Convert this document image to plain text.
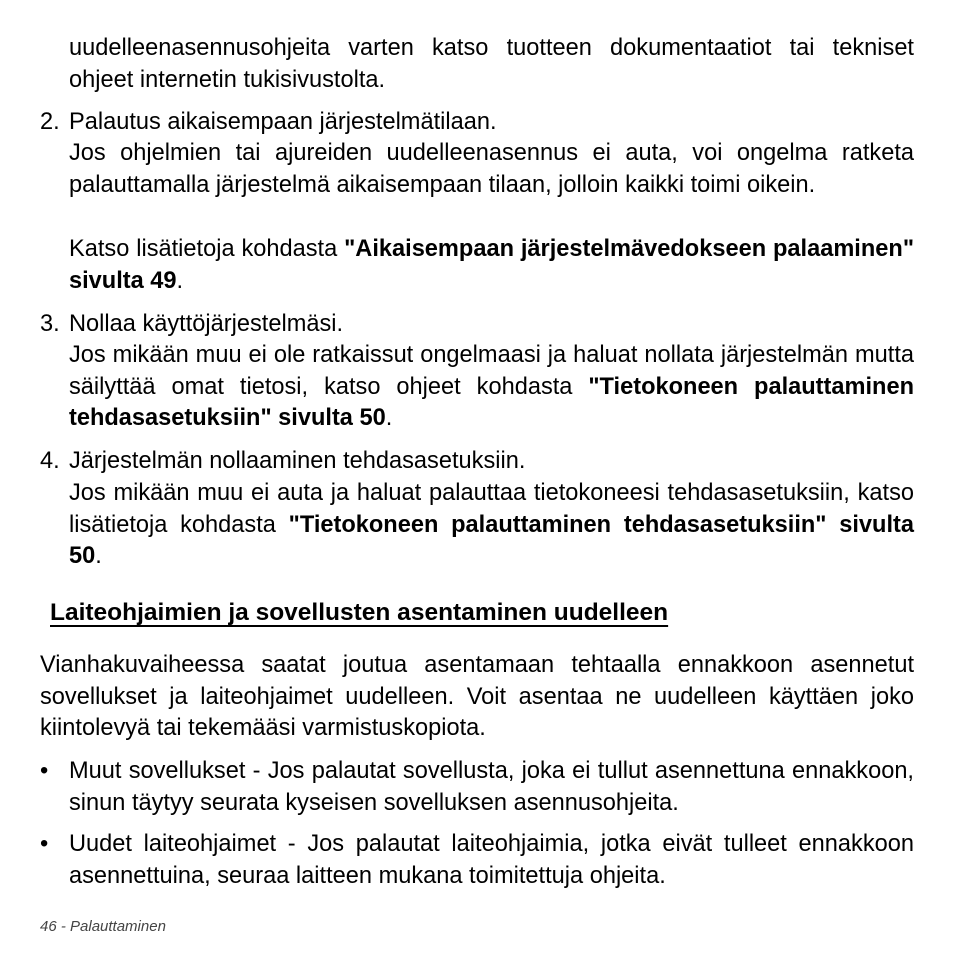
uudelleenasennusohjeita varten katso tuotteen dokumentaatiot tai tekniset ohjeet internetin tukisivustolta.

2. Palautus aikaisempaan järjestelmätilaan.

Jos ohjelmien tai ajureiden uudelleenasennus ei auta, voi ongelma ratketa palauttamalla järjestelmä aikaisempaan tilaan, jolloin kaikki toimi oikein.

Katso lisätietoja kohdasta "Aikaisempaan järjestelmävedokseen palaaminen" sivulta 49.

3. Nollaa käyttöjärjestelmäsi.

Jos mikään muu ei ole ratkaissut ongelmaasi ja haluat nollata järjestelmän mutta säilyttää omat tietosi, katso ohjeet kohdasta "Tietokoneen palauttaminen tehdasasetuksiin" sivulta 50.

4. Järjestelmän nollaaminen tehdasasetuksiin.

Jos mikään muu ei auta ja haluat palauttaa tietokoneesi tehdasasetuksiin, katso lisätietoja kohdasta "Tietokoneen palauttaminen tehdasasetuksiin" sivulta 50.

Laiteohjaimien ja sovellusten asentaminen uudelleen

Vianhakuvaiheessa saatat joutua asentamaan tehtaalla ennakkoon asennetut sovellukset ja laiteohjaimet uudelleen. Voit asentaa ne uudelleen käyttäen joko kiintolevyä tai tekemääsi varmistuskopiota.

• Muut sovellukset - Jos palautat sovellusta, joka ei tullut asennettuna ennakkoon, sinun täytyy seurata kyseisen sovelluksen asennusohjeita.

• Uudet laiteohjaimet - Jos palautat laiteohjaimia, jotka eivät tulleet ennakkoon asennettuina, seuraa laitteen mukana toimitettuja ohjeita.

46 - Palauttaminen
